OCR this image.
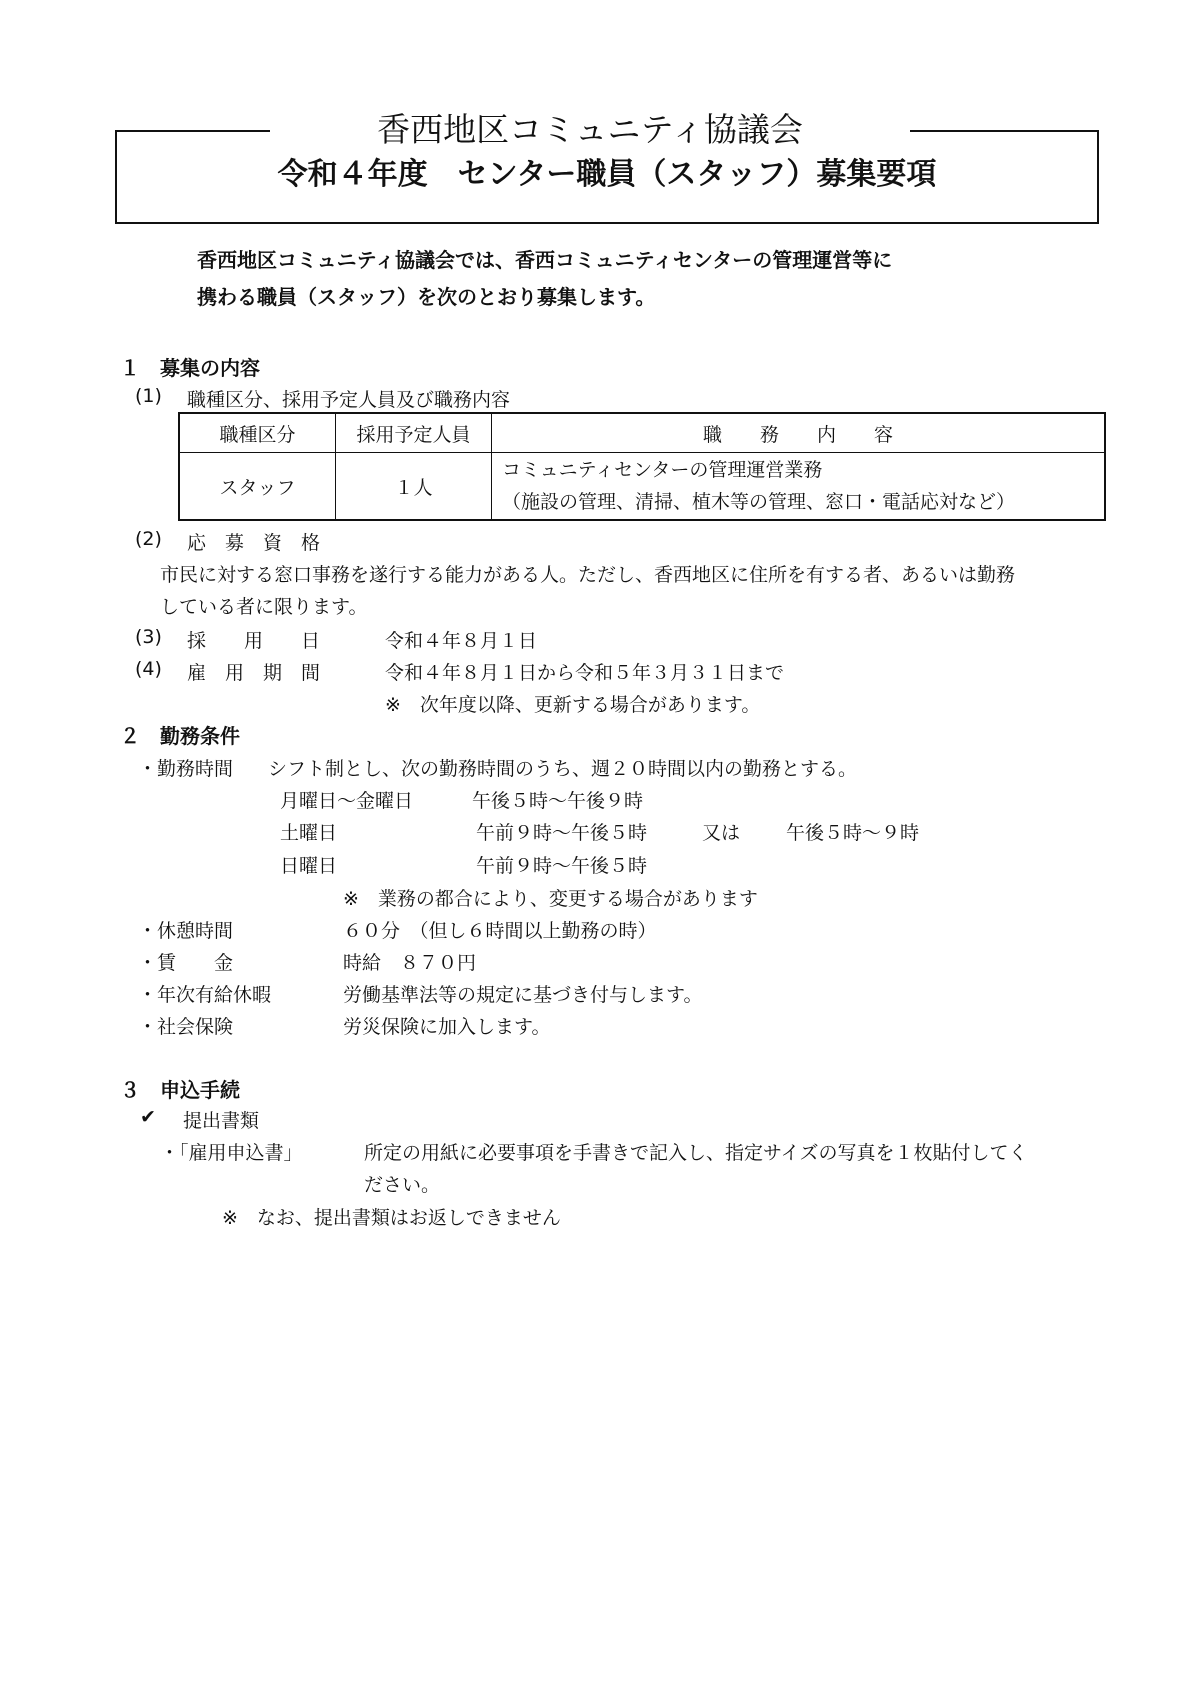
香西地区コミュニティ協議会
令和４年度　センター職員（スタッフ）募集要項
香西地区コミュニティ協議会では、香西コミュニティセンターの管理運営等に
携わる職員（スタッフ）を次のとおり募集します。
１　募集の内容
(1) 職種区分、採用予定人員及び職務内容
職種区分	採用予定人員	職　　務　　内　　容
スタッフ	１人	コミュニティセンターの管理運営業務
（施設の管理、清掃、植木等の管理、窓口・電話応対など）
(2) 応　募　資　格
市民に対する窓口事務を遂行する能力がある人。ただし、香西地区に住所を有する者、あるいは勤務
している者に限ります。
(3) 採　　用　　日	令和４年８月１日
(4) 雇　用　期　間	令和４年８月１日から令和５年３月３１日まで
※　次年度以降、更新する場合があります。
２　勤務条件
・勤務時間 シフト制とし、次の勤務時間のうち、週２０時間以内の勤務とする。
月曜日～金曜日	午後５時～午後９時
土曜日	午前９時～午後５時	又は 午後５時～９時
日曜日	午前９時～午後５時
※　業務の都合により、変更する場合があります
・休憩時間	６０分　（但し６時間以上勤務の時）
・賃　　金	時給　８７０円
・年次有給休暇	労働基準法等の規定に基づき付与します。
・社会保険	労災保険に加入します。
３　申込手続
✔ 提出書類
・「雇用申込書」	所定の用紙に必要事項を手書きで記入し、指定サイズの写真を１枚貼付してく
ださい。
※　なお、提出書類はお返しできません
